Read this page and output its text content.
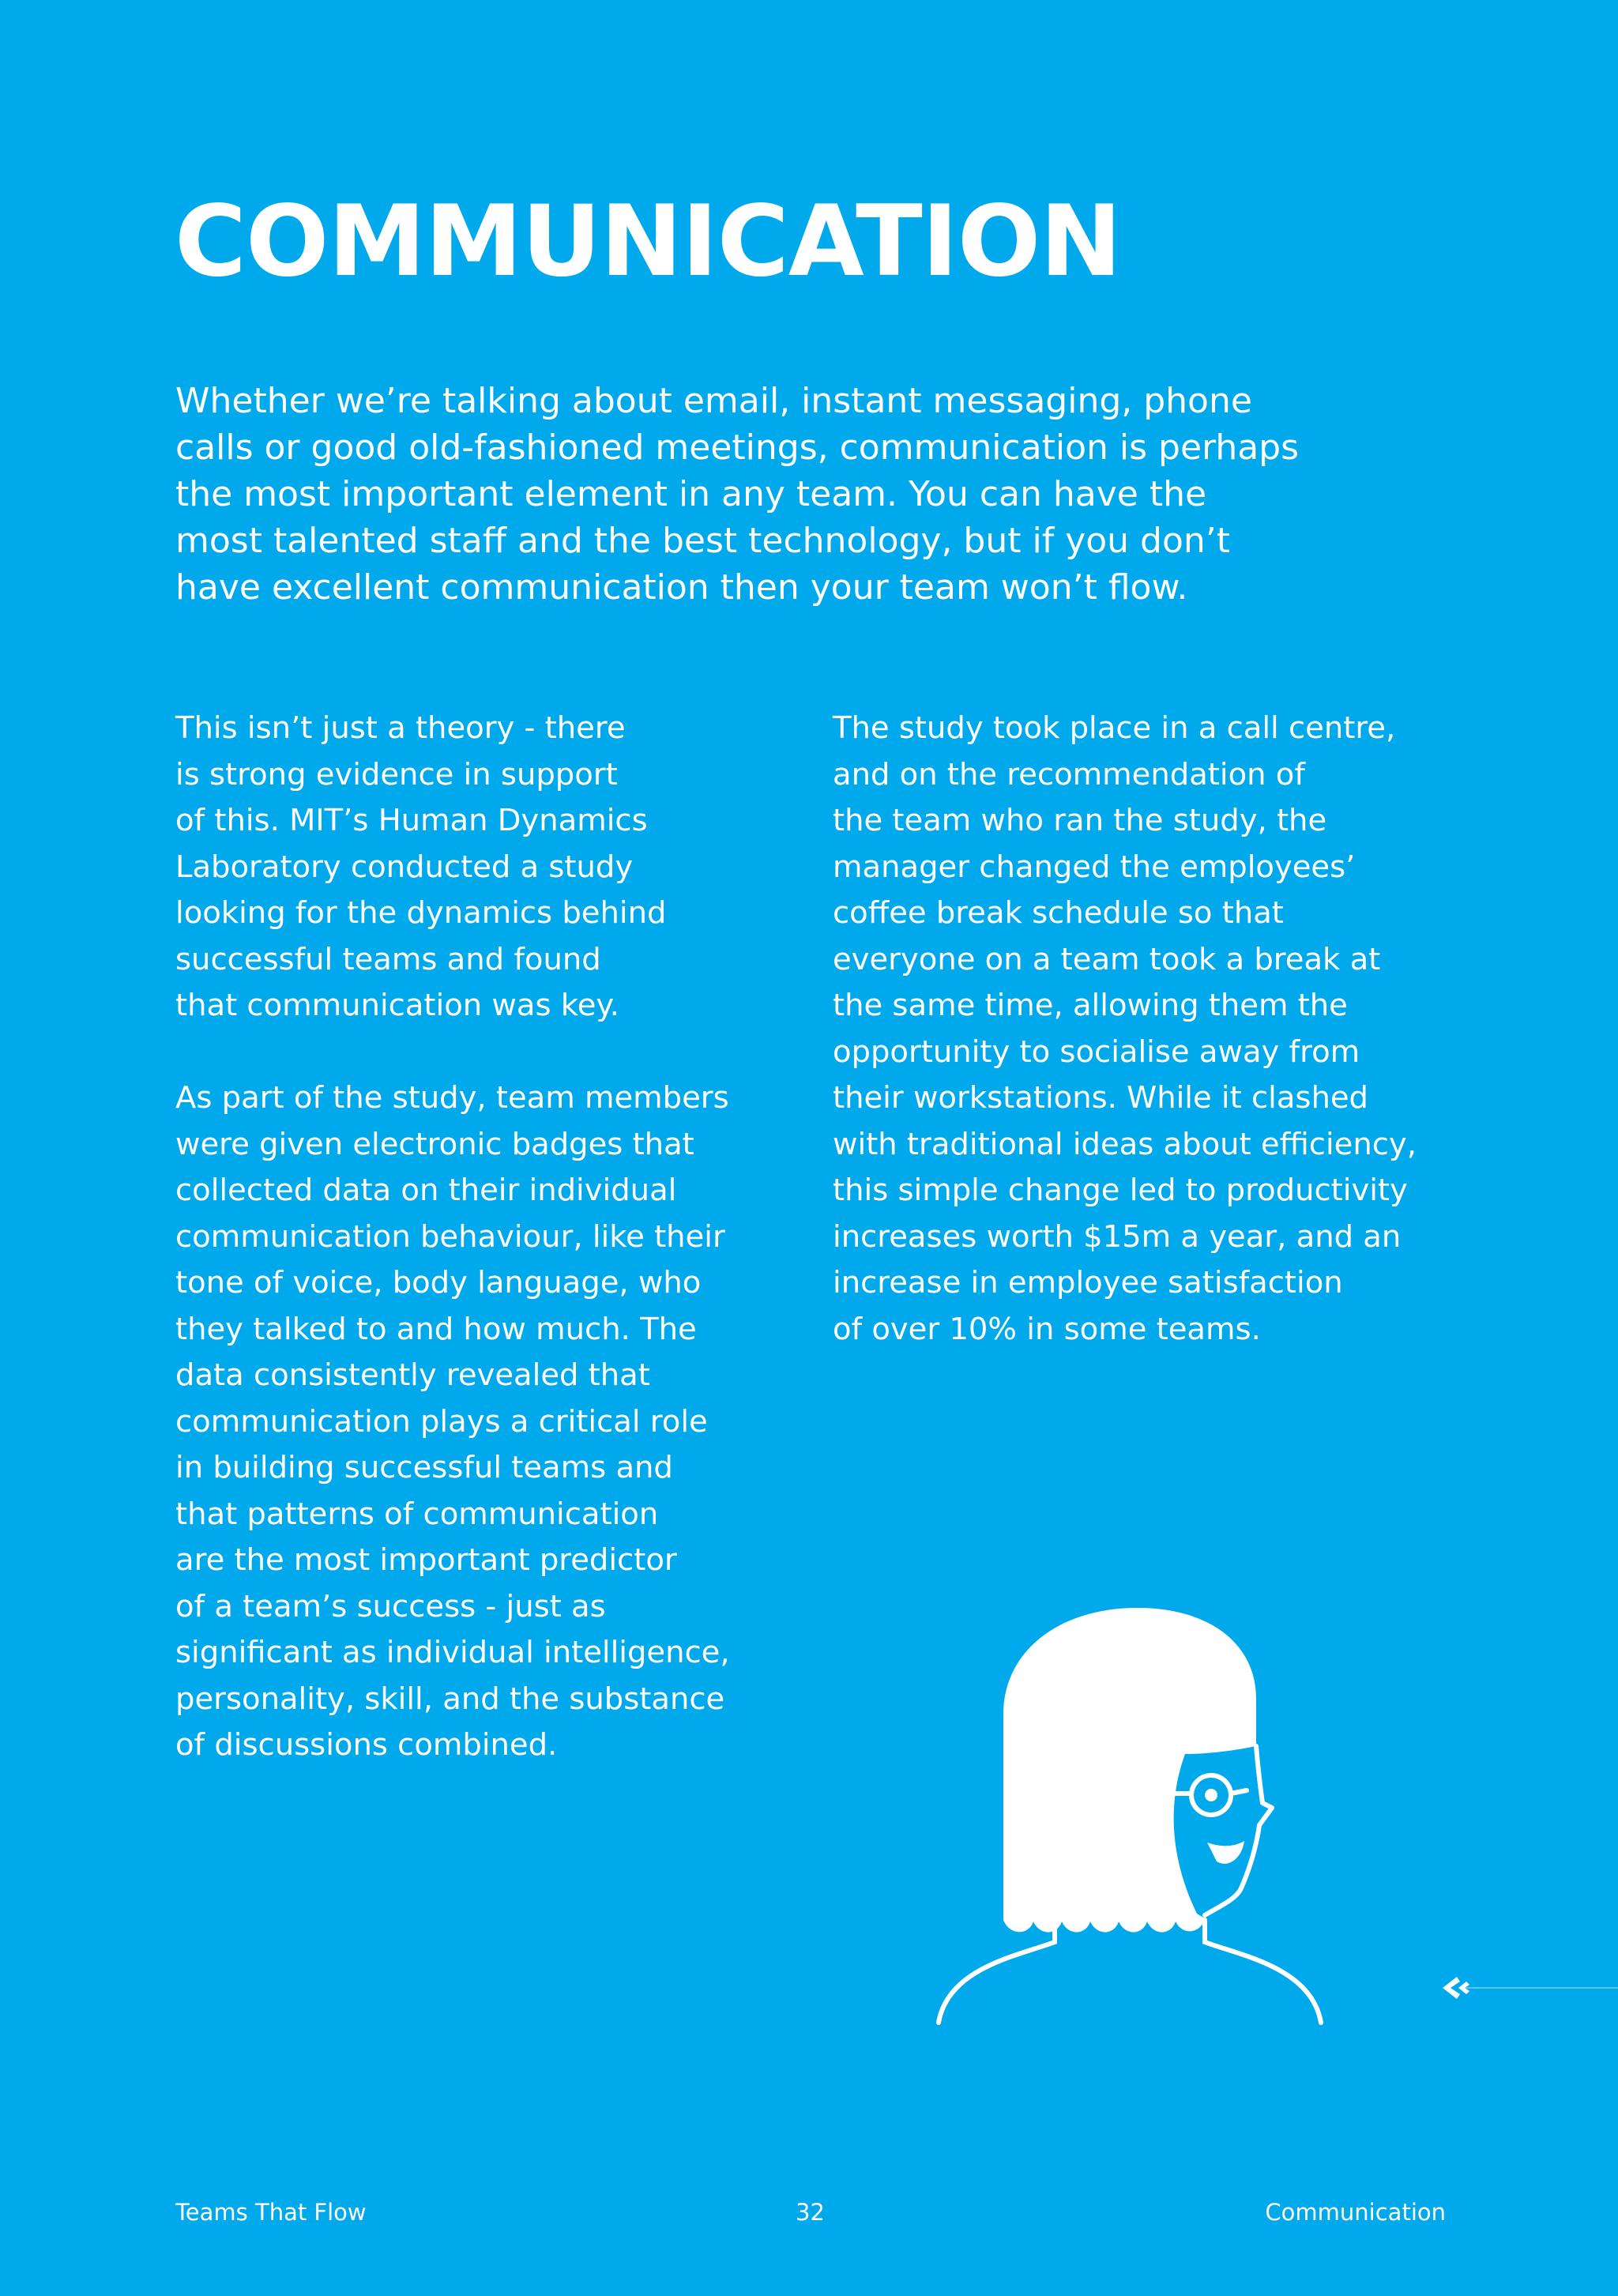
COMMUNICATION

Whether we’re talking about email, instant messaging, phone
calls or good old-fashioned meetings, communication is perhaps
the most important element in any team. You can have the
most talented staff and the best technology, but if you don’t
have excellent communication then your team won’t flow.

This isn’t just a theory - there
is strong evidence in support
of this. MIT’s Human Dynamics
Laboratory conducted a study
looking for the dynamics behind
successful teams and found
that communication was key.
As part of the study, team members
were given electronic badges that
collected data on their individual
communication behaviour, like their
tone of voice, body language, who
they talked to and how much. The
data consistently revealed that
communication plays a critical role
in building successful teams and
that patterns of communication
are the most important predictor
of a team’s success - just as
significant as individual intelligence,
personality, skill, and the substance
of discussions combined.
The study took place in a call centre,
and on the recommendation of
the team who ran the study, the
manager changed the employees’
coffee break schedule so that
everyone on a team took a break at
the same time, allowing them the
opportunity to socialise away from
their workstations. While it clashed
with traditional ideas about efficiency,
this simple change led to productivity
increases worth $15m a year, and an
increase in employee satisfaction
of over 10% in some teams.
Teams That Flow	32	Communication
